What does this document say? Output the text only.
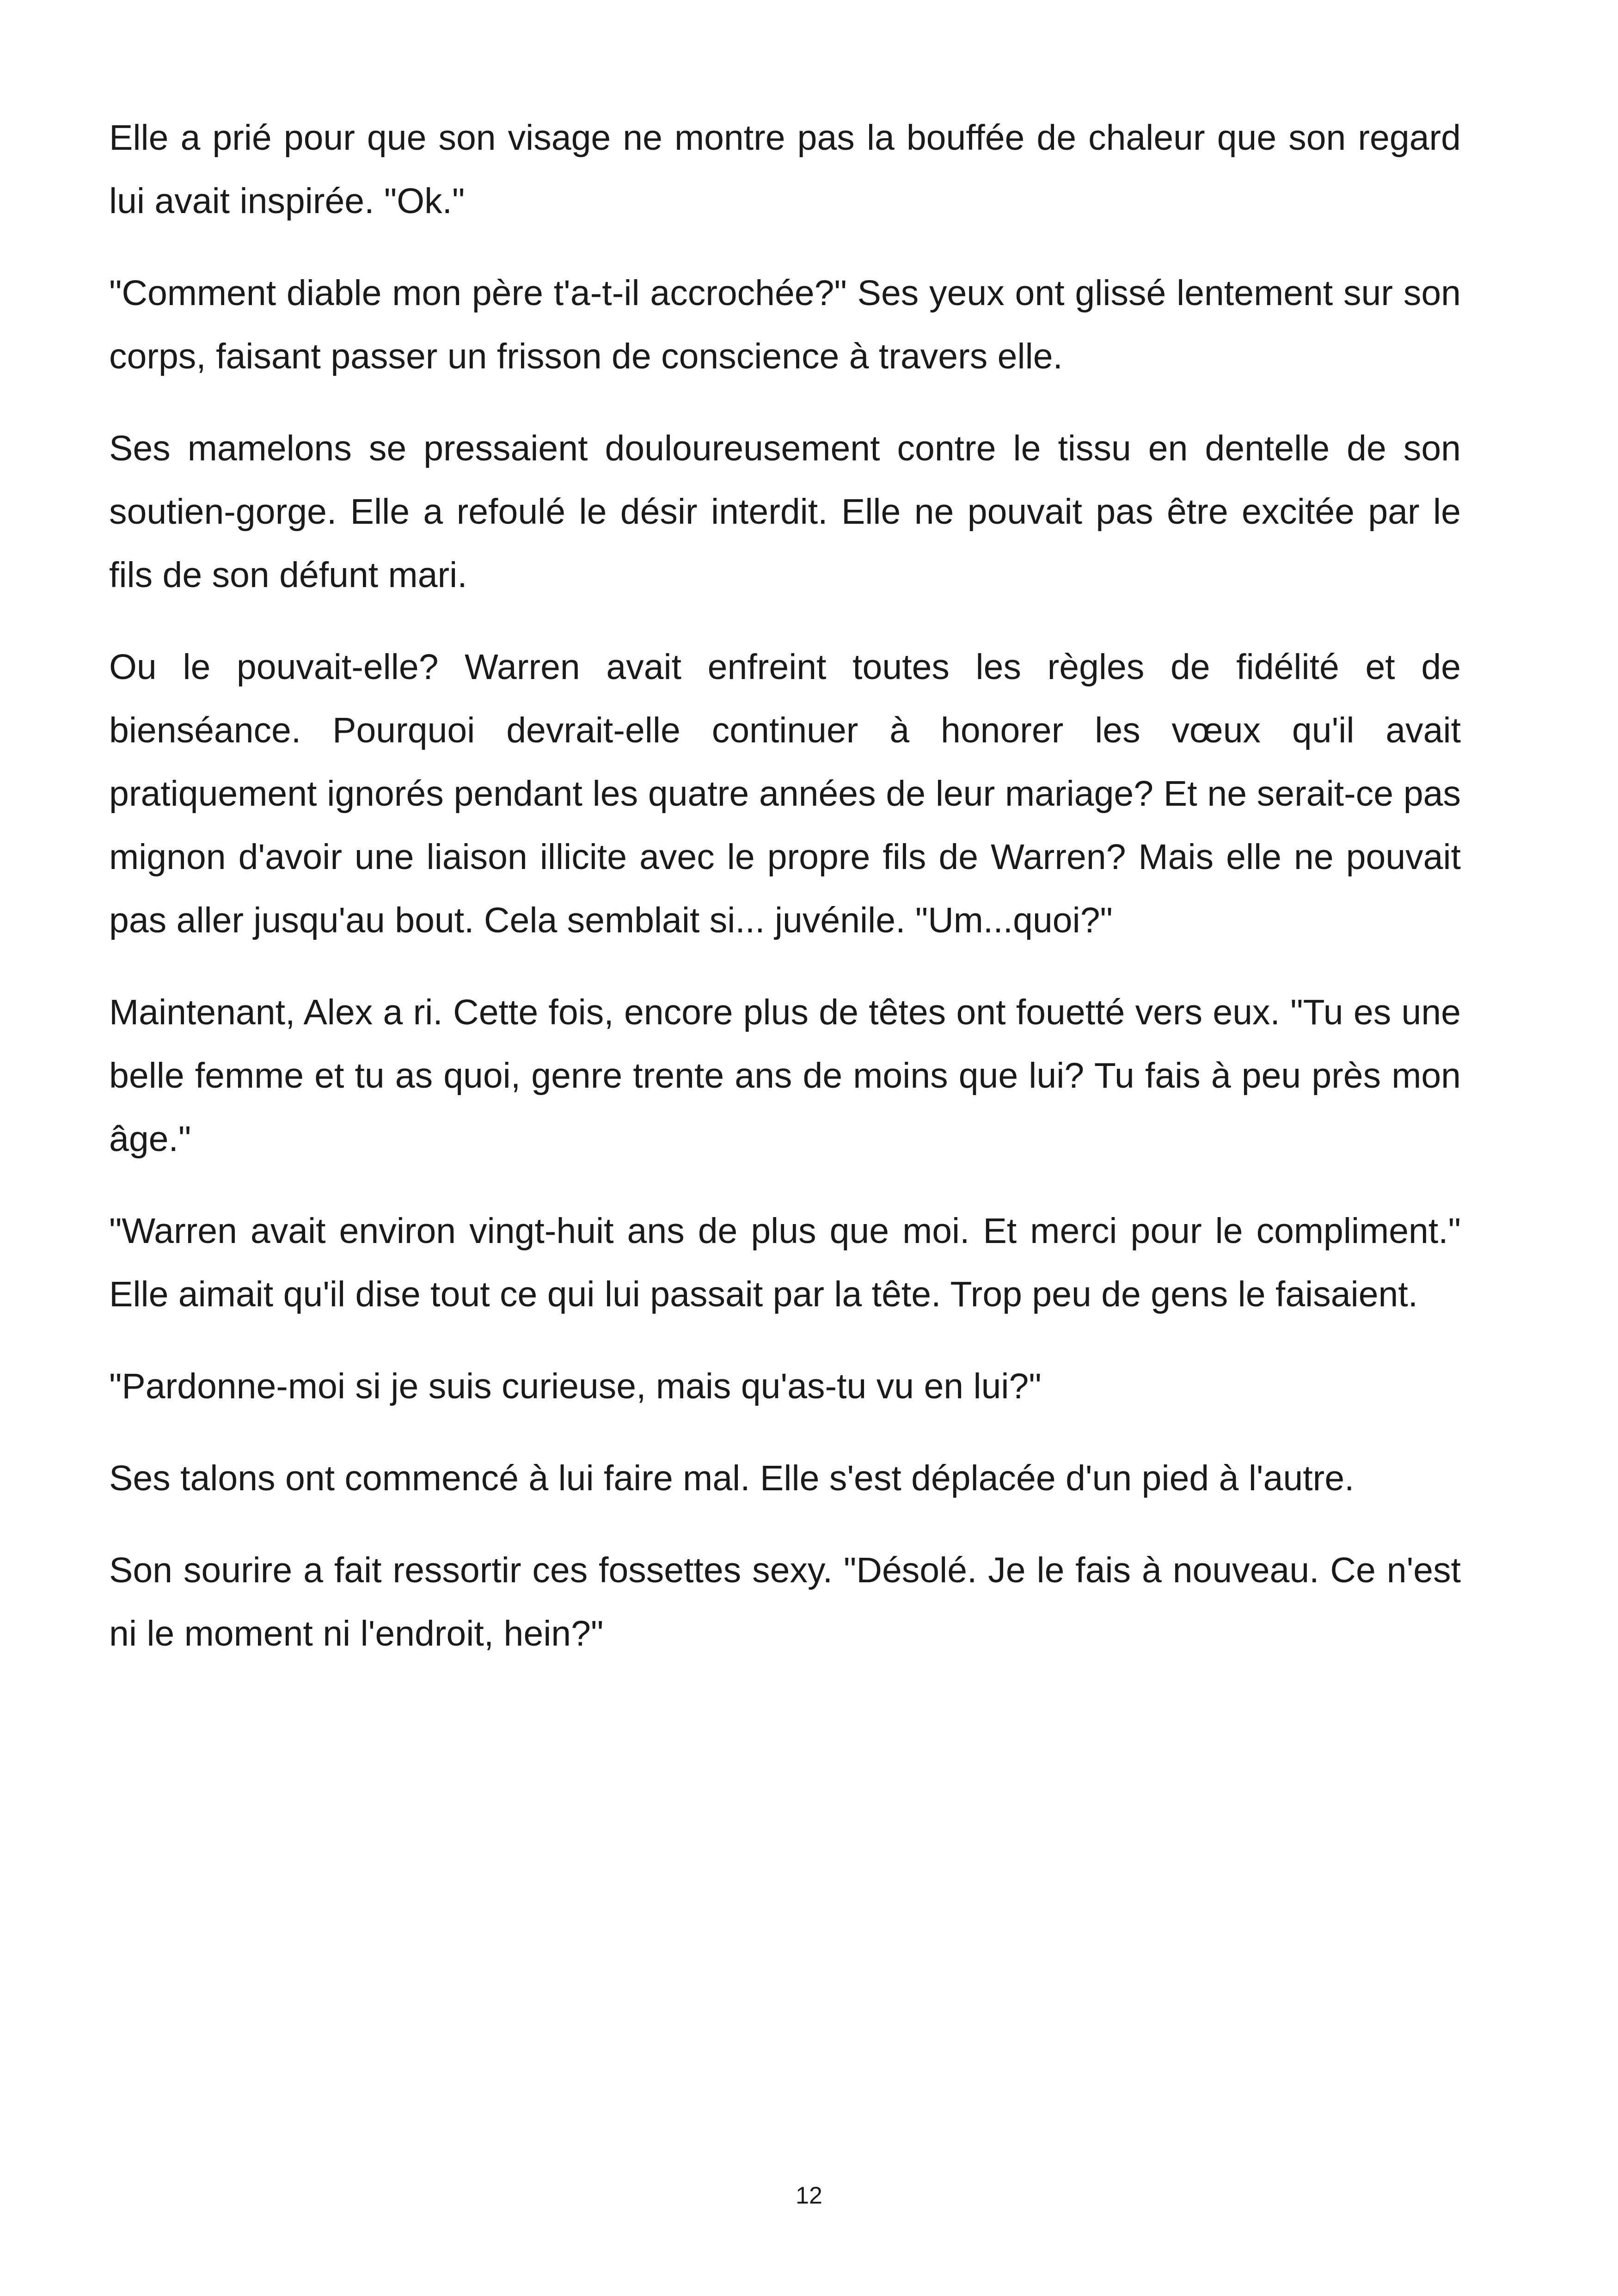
Elle a prié pour que son visage ne montre pas la bouffée de chaleur que son regard lui avait inspirée. "Ok."

"Comment diable mon père t'a-t-il accrochée?" Ses yeux ont glissé lentement sur son corps, faisant passer un frisson de conscience à travers elle.

Ses mamelons se pressaient douloureusement contre le tissu en dentelle de son soutien-gorge. Elle a refoulé le désir interdit. Elle ne pouvait pas être excitée par le fils de son défunt mari.

Ou le pouvait-elle? Warren avait enfreint toutes les règles de fidélité et de bienséance. Pourquoi devrait-elle continuer à honorer les vœux qu'il avait pratiquement ignorés pendant les quatre années de leur mariage? Et ne serait-ce pas mignon d'avoir une liaison illicite avec le propre fils de Warren? Mais elle ne pouvait pas aller jusqu'au bout. Cela semblait si... juvénile. "Um...quoi?"

Maintenant, Alex a ri. Cette fois, encore plus de têtes ont fouetté vers eux. "Tu es une belle femme et tu as quoi, genre trente ans de moins que lui? Tu fais à peu près mon âge."

"Warren avait environ vingt-huit ans de plus que moi. Et merci pour le compliment." Elle aimait qu'il dise tout ce qui lui passait par la tête. Trop peu de gens le faisaient.

"Pardonne-moi si je suis curieuse, mais qu'as-tu vu en lui?"

Ses talons ont commencé à lui faire mal. Elle s'est déplacée d'un pied à l'autre.

Son sourire a fait ressortir ces fossettes sexy. "Désolé. Je le fais à nouveau. Ce n'est ni le moment ni l'endroit, hein?"

12
